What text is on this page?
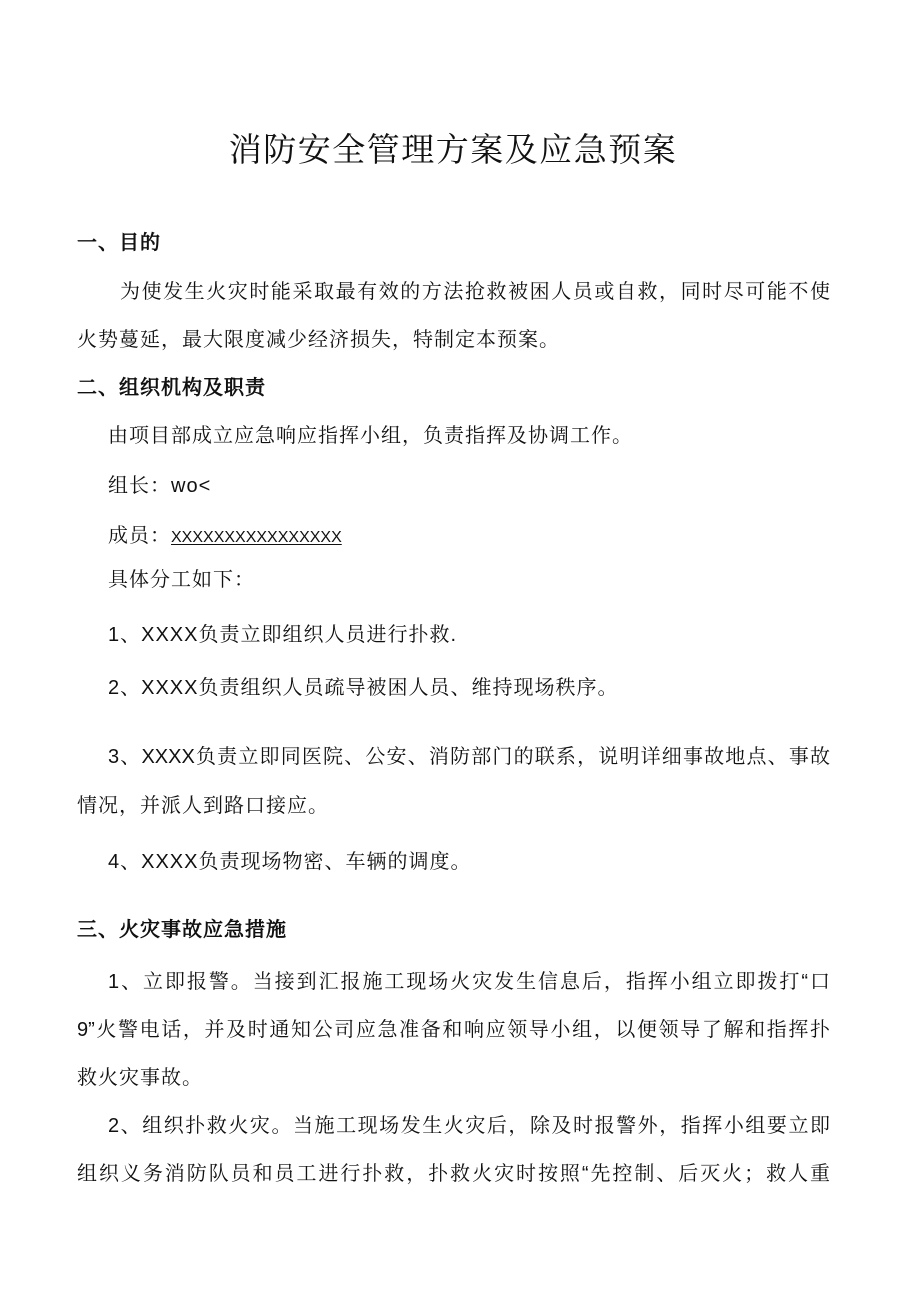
消防安全管理方案及应急预案
一、目的
为使发生火灾时能采取最有效的方法抢救被困人员或自救，同时尽可能不使
火势蔓延，最大限度减少经济损失，特制定本预案。
二、组织机构及职责
由项目部成立应急响应指挥小组，负责指挥及协调工作。
组长：wo<
成员：XXXXXXXXXXXXXXXX
具体分工如下：
1、XXXX负责立即组织人员进行扑救.
2、XXXX负责组织人员疏导被困人员、维持现场秩序。
3、XXXX负责立即同医院、公安、消防部门的联系，说明详细事故地点、事故
情况，并派人到路口接应。
4、XXXX负责现场物密、车辆的调度。
三、火灾事故应急措施
1、立即报警。当接到汇报施工现场火灾发生信息后，指挥小组立即拨打“口
9”火警电话，并及时通知公司应急准备和响应领导小组，以便领导了解和指挥扑
救火灾事故。
2、组织扑救火灾。当施工现场发生火灾后，除及时报警外，指挥小组要立即
组织义务消防队员和员工进行扑救，扑救火灾时按照“先控制、后灭火；救人重
